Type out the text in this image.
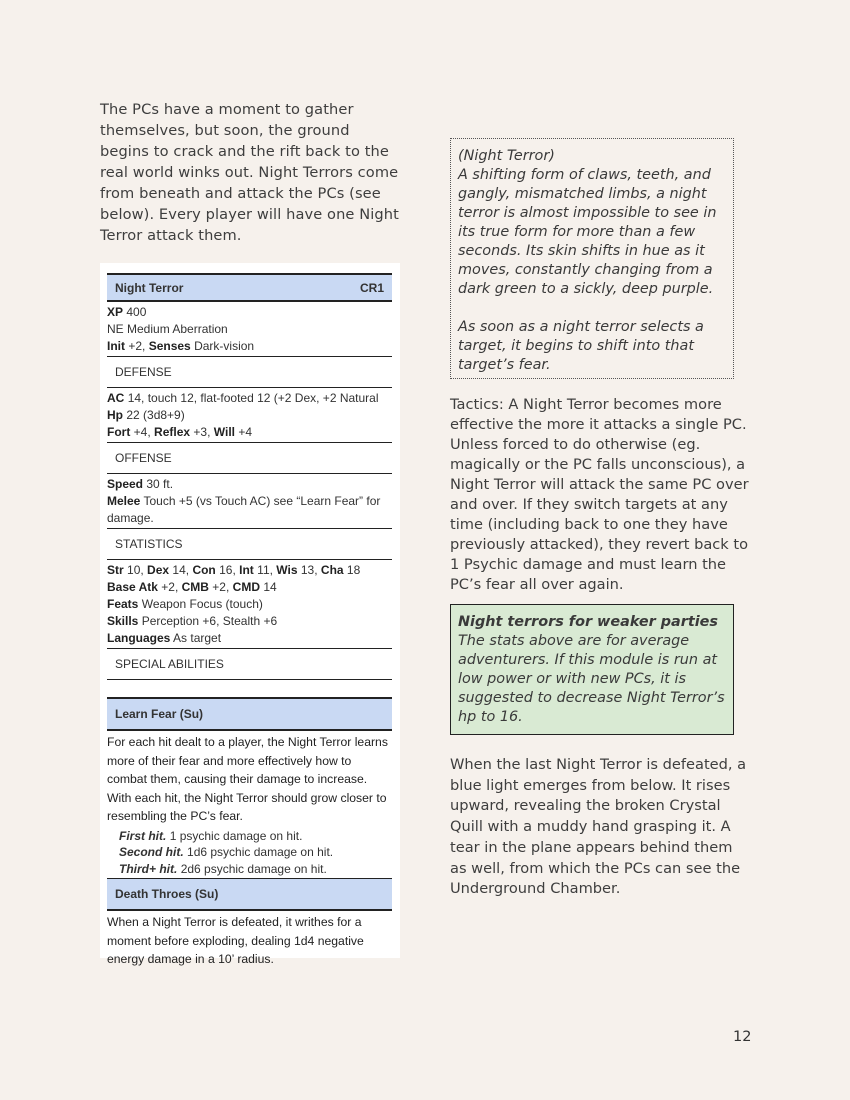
The PCs have a moment to gather themselves, but soon, the ground begins to crack and the rift back to the real world winks out. Night Terrors come from beneath and attack the PCs (see below). Every player will have one Night Terror attack them.
Night Terror	CR1
XP 400
NE Medium Aberration
Init +2, Senses Dark-vision
DEFENSE
AC 14, touch 12, flat-footed 12 (+2 Dex, +2 Natural
Hp 22 (3d8+9)
Fort +4, Reflex +3, Will +4
OFFENSE
Speed 30 ft.
Melee Touch +5 (vs Touch AC) see “Learn Fear” for damage.
STATISTICS
Str 10, Dex 14, Con 16, Int 11, Wis 13, Cha 18
Base Atk +2, CMB +2, CMD 14
Feats Weapon Focus (touch)
Skills Perception +6, Stealth +6
Languages As target
SPECIAL ABILITIES
Learn Fear (Su)
For each hit dealt to a player, the Night Terror learns more of their fear and more effectively how to combat them, causing their damage to increase. With each hit, the Night Terror should grow closer to resembling the PC’s fear.
First hit. 1 psychic damage on hit.
Second hit. 1d6 psychic damage on hit.
Third+ hit. 2d6 psychic damage on hit.
Death Throes (Su)
When a Night Terror is defeated, it writhes for a moment before exploding, dealing 1d4 negative energy damage in a 10’ radius.

(Night Terror)
A shifting form of claws, teeth, and gangly, mismatched limbs, a night terror is almost impossible to see in its true form for more than a few seconds. Its skin shifts in hue as it moves, constantly changing from a dark green to a sickly, deep purple.

As soon as a night terror selects a target, it begins to shift into that target’s fear.

Tactics: A Night Terror becomes more effective the more it attacks a single PC. Unless forced to do otherwise (eg. magically or the PC falls unconscious), a Night Terror will attack the same PC over and over. If they switch targets at any time (including back to one they have previously attacked), they revert back to 1 Psychic damage and must learn the PC’s fear all over again.
Night terrors for weaker parties
The stats above are for average adventurers. If this module is run at low power or with new PCs, it is suggested to decrease Night Terror’s hp to 16.
When the last Night Terror is defeated, a blue light emerges from below. It rises upward, revealing the broken Crystal Quill with a muddy hand grasping it. A tear in the plane appears behind them as well, from which the PCs can see the Underground Chamber.
12
